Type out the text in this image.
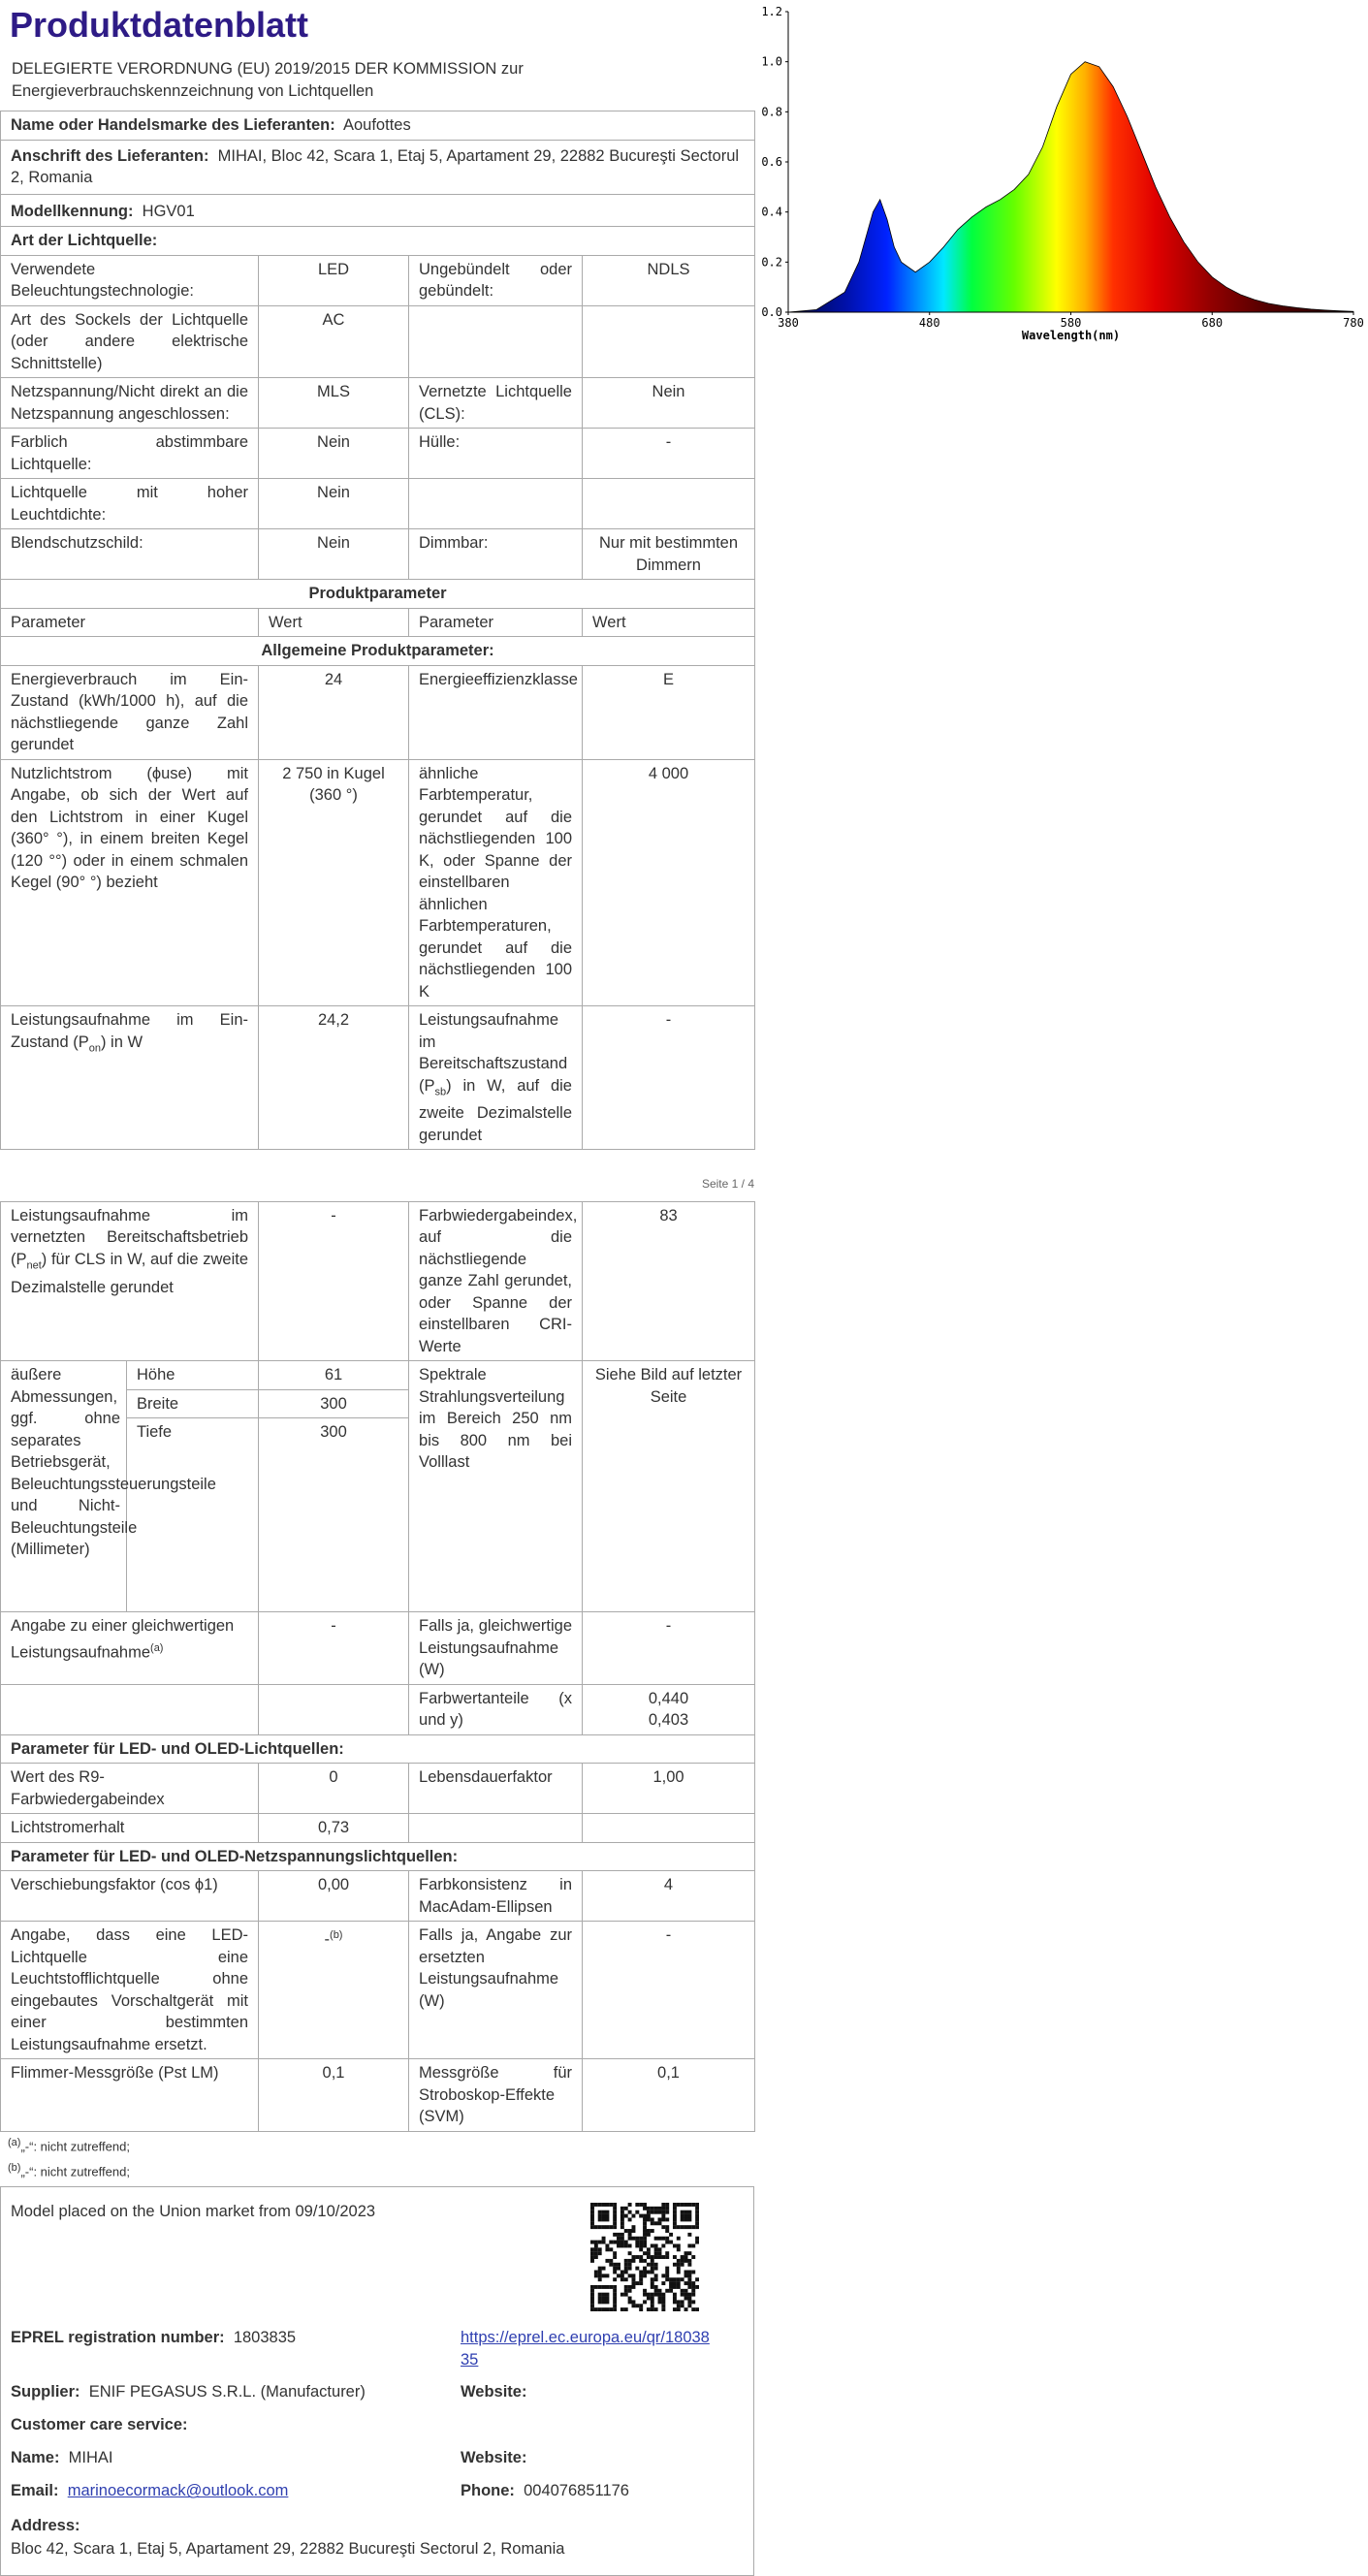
0.0
0.2
0.4
0.6
0.8
1.0
1.2
380	480	580	680	780
Wavelength(nm)
Produktdatenblatt
DELEGIERTE VERORDNUNG (EU) 2019/2015 DER KOMMISSION zur Energieverbrauchskennzeichnung von Lichtquellen
Name oder Handelsmarke des Lieferanten: Aoufottes			
Anschrift des Lieferanten: MIHAI, Bloc 42, Scara 1, Etaj 5, Apartament 29, 22882 Bucureşti Sectorul 2, Romania			
Modellkennung: HGV01			
Art der Lichtquelle:			
Verwendete Beleuchtungstechnologie:	LED	Ungebündelt oder gebündelt:	NDLS
Art des Sockels der Lichtquelle (oder andere elektrische Schnittstelle)	AC		
Netzspannung/Nicht direkt an die Netzspannung angeschlossen:	MLS	Vernetzte Lichtquelle (CLS):	Nein
Farblich abstimmbare Lichtquelle:	Nein	Hülle:	-
Lichtquelle mit hoher Leuchtdichte:	Nein		
Blendschutzschild:	Nein	Dimmbar:	Nur mit bestimmten Dimmern
Produktparameter			
Parameter	Wert	Parameter	Wert
Allgemeine Produktparameter:			
Energieverbrauch im Ein-Zustand (kWh/1000 h), auf die nächstliegende ganze Zahl gerundet	24	Energieeffizienzklasse	E
Nutzlichtstrom (ϕuse) mit Angabe, ob sich der Wert auf den Lichtstrom in einer Kugel (360° °), in einem breiten Kegel (120 °°) oder in einem schmalen Kegel (90° °) bezieht	2 750 in Kugel (360 °)	ähnliche Farbtemperatur, gerundet auf die nächstliegenden 100 K, oder Spanne der einstellbaren ähnlichen Farbtemperaturen, gerundet auf die nächstliegenden 100 K	4 000
Leistungsaufnahme im Ein-Zustand $(P_{on})$ in W	24,2	Leistungsaufnahme im Bereitschaftszustand $(P_{sb})$ in W, auf die zweite Dezimalstelle gerundet	-
Seite 1 / 4
Leistungsaufnahme im vernetzten Bereitschaftsbetrieb $(P_{net})$ für CLS in W, auf die zweite Dezimalstelle gerundet		-	Farbwiedergabeindex, auf die nächstliegende ganze Zahl gerundet, oder Spanne der einstellbaren CRI-Werte	83
äußere Abmessungen, ggf. ohne separates Betriebsgerät, Beleuchtungssteuerungsteile und Nicht-Beleuchtungsteile (Millimeter)	Höhe	61	Spektrale Strahlungsverteilung im Bereich 250 nm bis 800 nm bei Volllast	Siehe Bild auf letzter Seite
	Breite	300		
	Tiefe	300		
Angabe zu einer gleichwertigen Leistungsaufnahme$^{(a)}$		-	Falls ja, gleichwertige Leistungsaufnahme (W)	-
			Farbwertanteile (x und y)	0,440 0,403
Parameter für LED- und OLED-Lichtquellen:				
Wert des R9-Farbwiedergabeindex		0	Lebensdauerfaktor	1,00
Lichtstromerhalt		0,73		
Parameter für LED- und OLED-Netzspannungslichtquellen:				
Verschiebungsfaktor (cos ϕ1)		0,00	Farbkonsistenz in MacAdam-Ellipsen	4
Angabe, dass eine LED-Lichtquelle eine Leuchtstofflichtquelle ohne eingebautes Vorschaltgerät mit einer bestimmten Leistungsaufnahme ersetzt.		-$^{(b)}$	Falls ja, Angabe zur ersetzten Leistungsaufnahme (W)	-
Flimmer-Messgröße (Pst LM)		0,1	Messgröße für Stroboskop-Effekte (SVM)	0,1
$^{(a)}$„-“: nicht zutreffend;
$^{(b)}$„-“: nicht zutreffend;
Model placed on the Union market from 09/10/2023
EPREL registration number: 1803835	https://eprel.ec.europa.eu/qr/1803835
Supplier: ENIF PEGASUS S.R.L. (Manufacturer)	Website:
Customer care service:
Name: MIHAI	Website:
Email: marinoecormack@outlook.com	Phone: 004076851176
Address:
Bloc 42, Scara 1, Etaj 5, Apartament 29, 22882 Bucureşti Sectorul 2, Romania
